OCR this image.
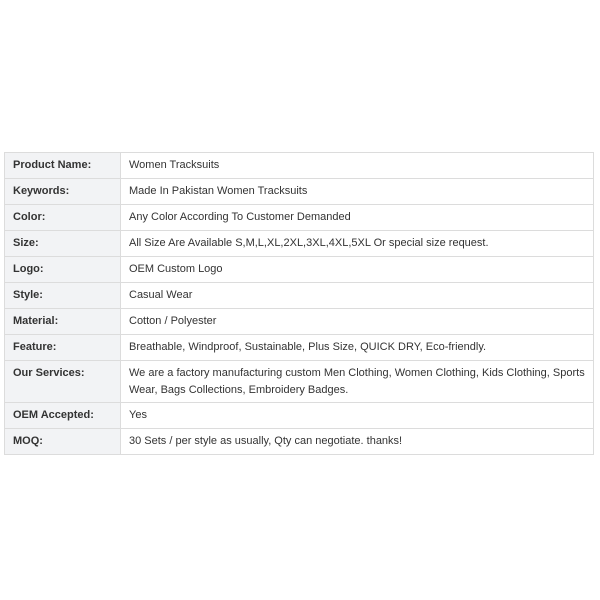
Product Name:	Women Tracksuits
Keywords:	Made In Pakistan Women Tracksuits
Color:	Any Color According To Customer Demanded
Size:	All Size Are Available S,M,L,XL,2XL,3XL,4XL,5XL Or special size request.
Logo:	OEM Custom Logo
Style:	Casual Wear
Material:	Cotton / Polyester
Feature:	Breathable, Windproof, Sustainable, Plus Size, QUICK DRY, Eco-friendly.
Our Services:	We are a factory manufacturing custom Men Clothing, Women Clothing, Kids Clothing, Sports Wear, Bags Collections, Embroidery Badges.
OEM Accepted:	Yes
MOQ:	30 Sets / per style as usually, Qty can negotiate. thanks!
